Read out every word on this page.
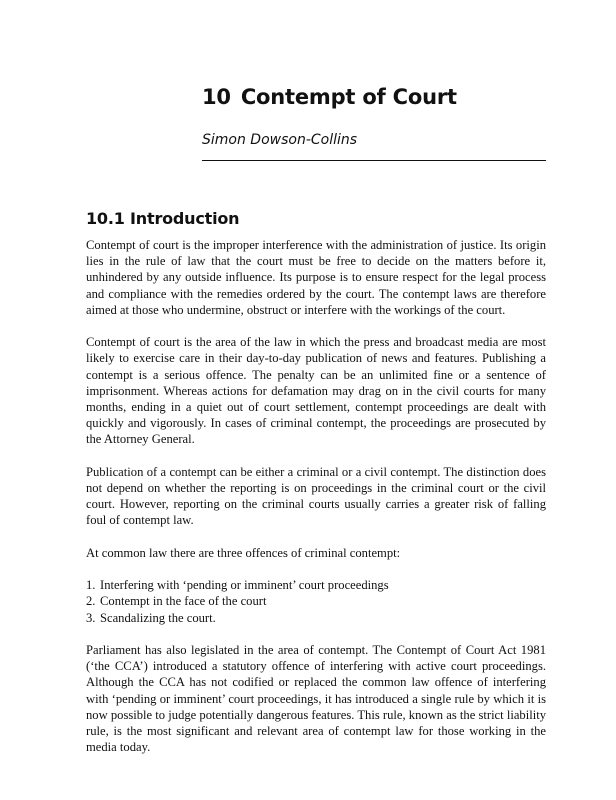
10 Contempt of Court

Simon Dowson-Collins

10.1 Introduction

Contempt of court is the improper interference with the administration of justice. Its origin lies in the rule of law that the court must be free to decide on the matters before it, unhindered by any outside influence. Its purpose is to ensure respect for the legal process and compliance with the remedies ordered by the court. The contempt laws are therefore aimed at those who undermine, obstruct or interfere with the workings of the court.

Contempt of court is the area of the law in which the press and broadcast media are most likely to exercise care in their day-to-day publication of news and features. Publishing a contempt is a serious offence. The penalty can be an unlimited fine or a sentence of imprisonment. Whereas actions for defamation may drag on in the civil courts for many months, ending in a quiet out of court settlement, contempt proceedings are dealt with quickly and vigorously. In cases of criminal contempt, the proceedings are prosecuted by the Attorney General.

Publication of a contempt can be either a criminal or a civil contempt. The distinction does not depend on whether the reporting is on proceedings in the criminal court or the civil court. However, reporting on the criminal courts usually carries a greater risk of falling foul of contempt law.

At common law there are three offences of criminal contempt:

1. Interfering with ‘pending or imminent’ court proceedings
2. Contempt in the face of the court
3. Scandalizing the court.

Parliament has also legislated in the area of contempt. The Contempt of Court Act 1981 (‘the CCA’) introduced a statutory offence of interfering with active court proceedings. Although the CCA has not codified or replaced the common law offence of interfering with ‘pending or imminent’ court proceedings, it has introduced a single rule by which it is now possible to judge potentially dangerous features. This rule, known as the strict liability rule, is the most significant and relevant area of contempt law for those working in the media today.
